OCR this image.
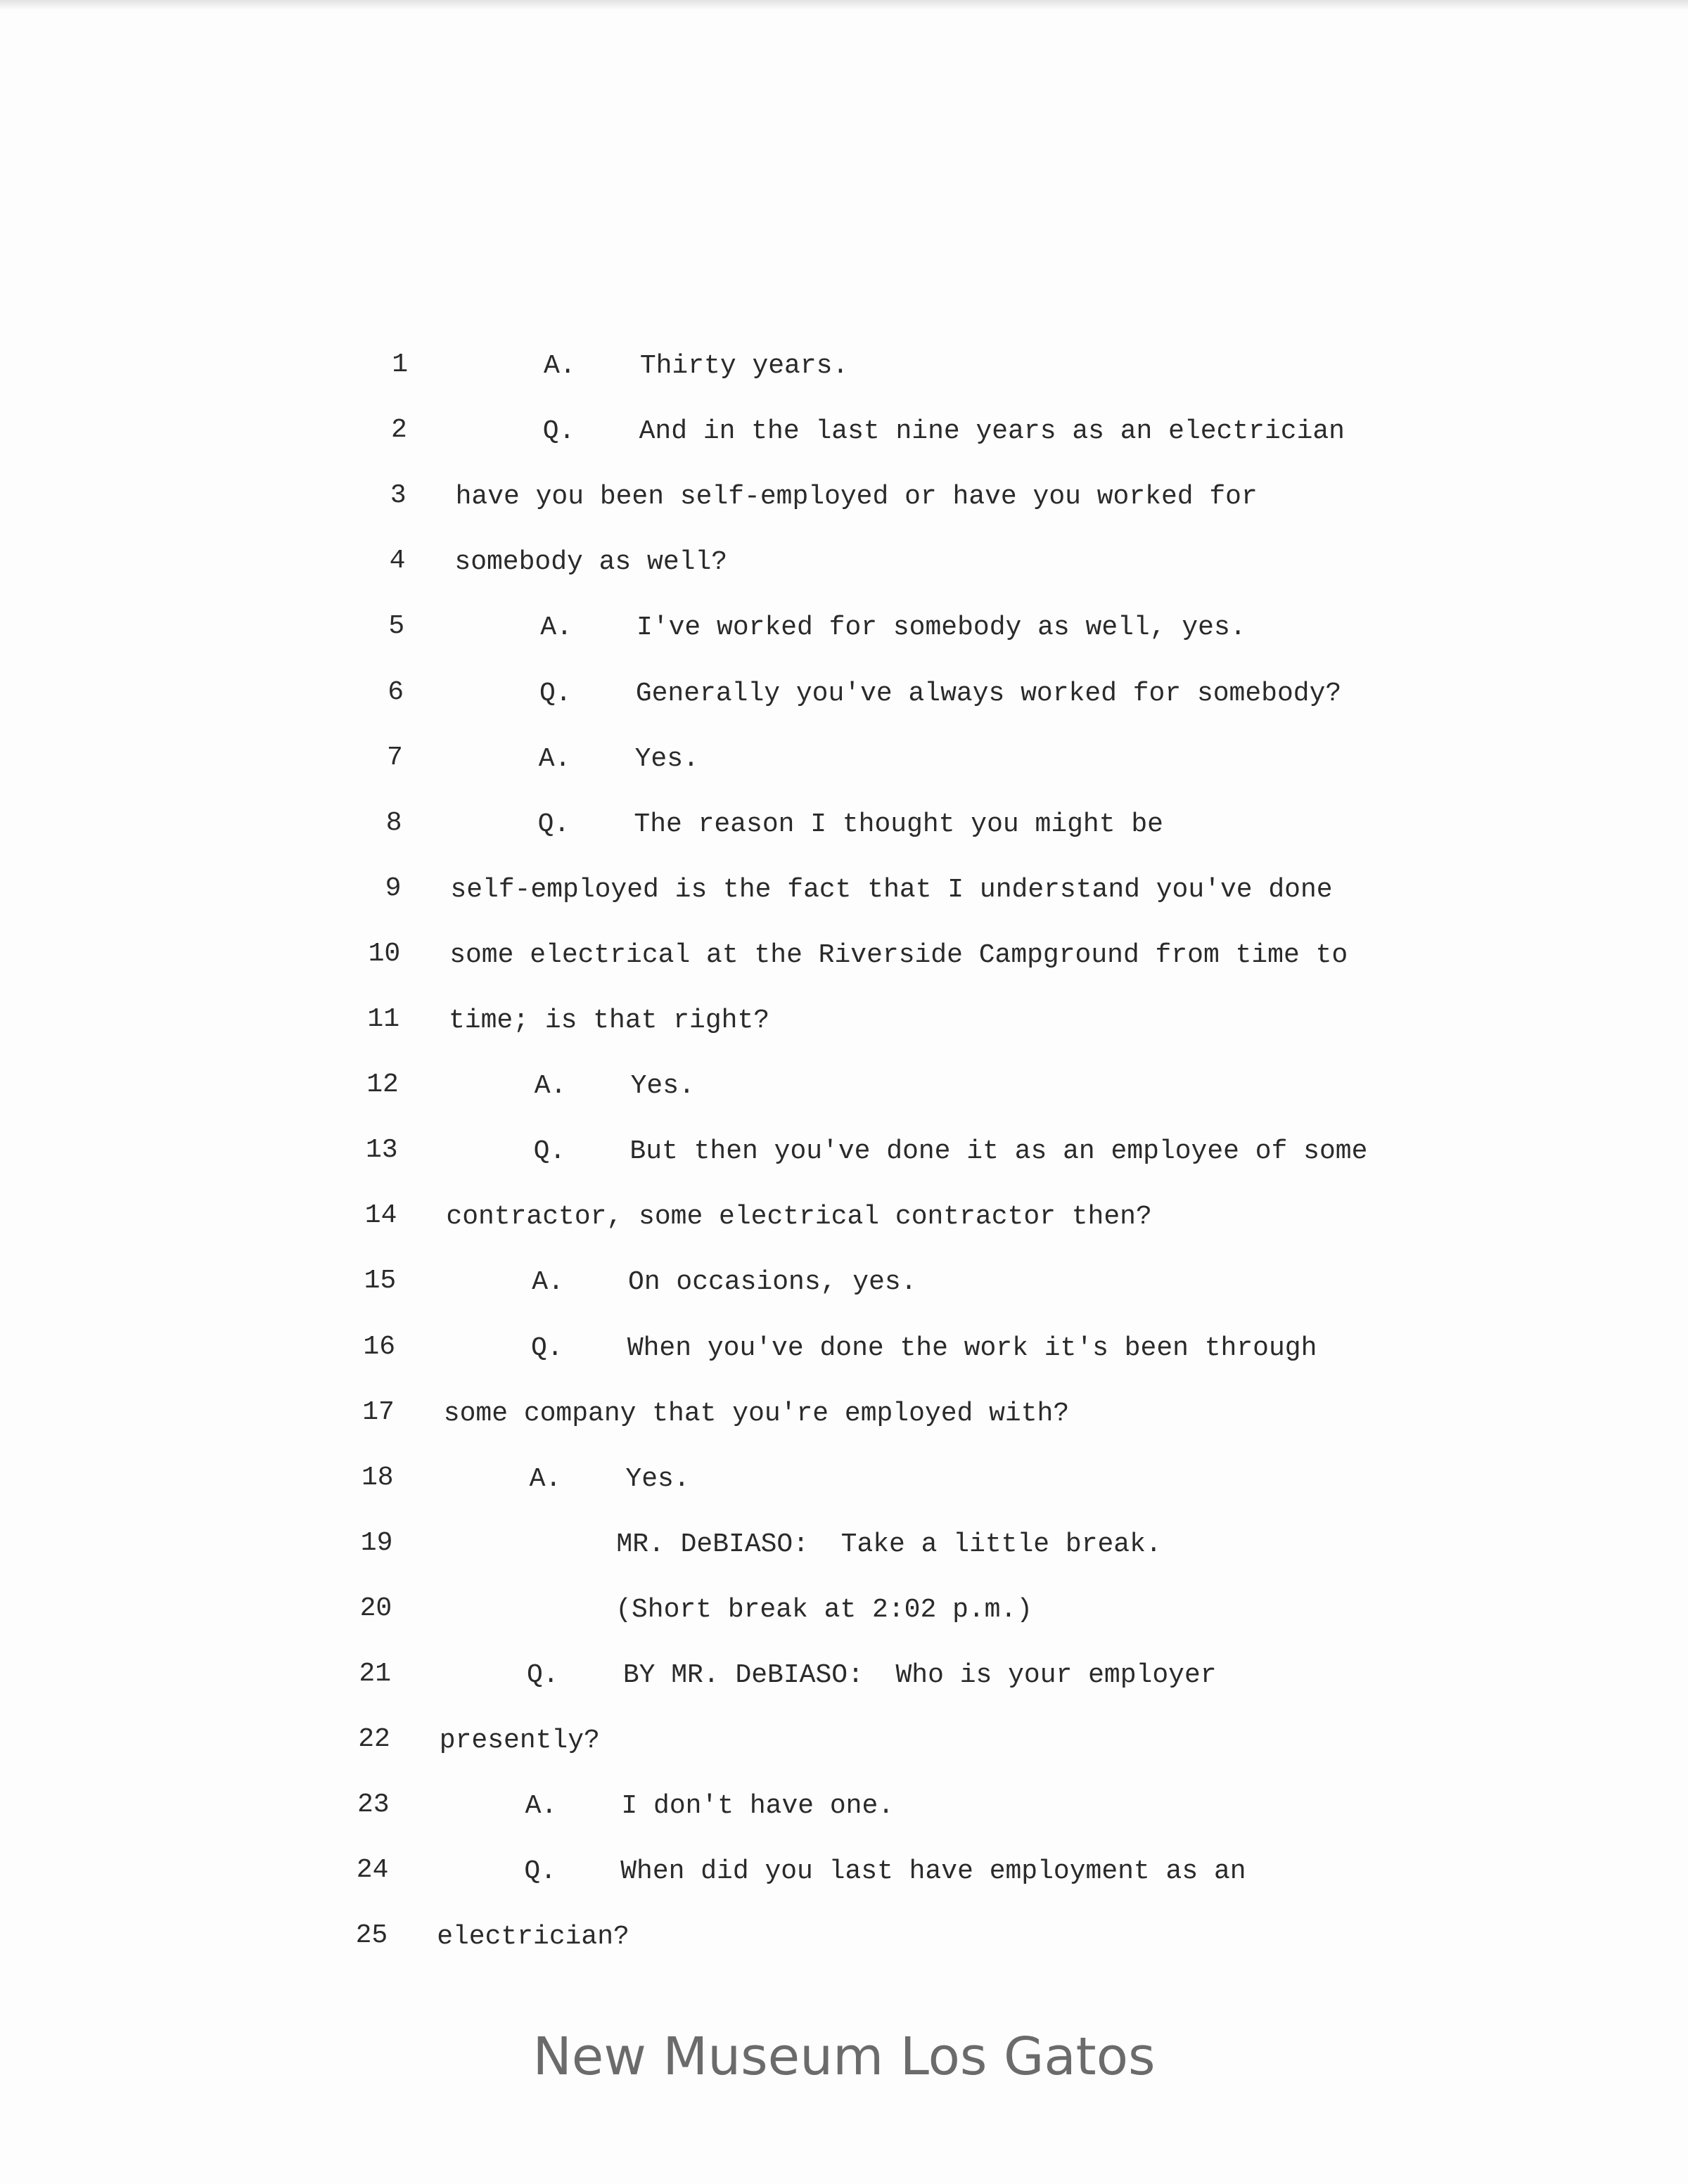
1	A.    Thirty years.
2	Q.    And in the last nine years as an electrician
3 have you been self-employed or have you worked for
4 somebody as well?
5	A.    I've worked for somebody as well, yes.
6	Q.    Generally you've always worked for somebody?
7	A.    Yes.
8	Q.    The reason I thought you might be
9 self-employed is the fact that I understand you've done
10 some electrical at the Riverside Campground from time to
11 time; is that right?
12	A.    Yes.
13	Q.    But then you've done it as an employee of some
14 contractor, some electrical contractor then?
15	A.    On occasions, yes.
16	Q.    When you've done the work it's been through
17 some company that you're employed with?
18	A.    Yes.
19	MR. DeBIASO:  Take a little break.
20	(Short break at 2:02 p.m.)
21	Q.    BY MR. DeBIASO:  Who is your employer
22 presently?
23	A.    I don't have one.
24	Q.    When did you last have employment as an
25 electrician?
New Museum Los Gatos
